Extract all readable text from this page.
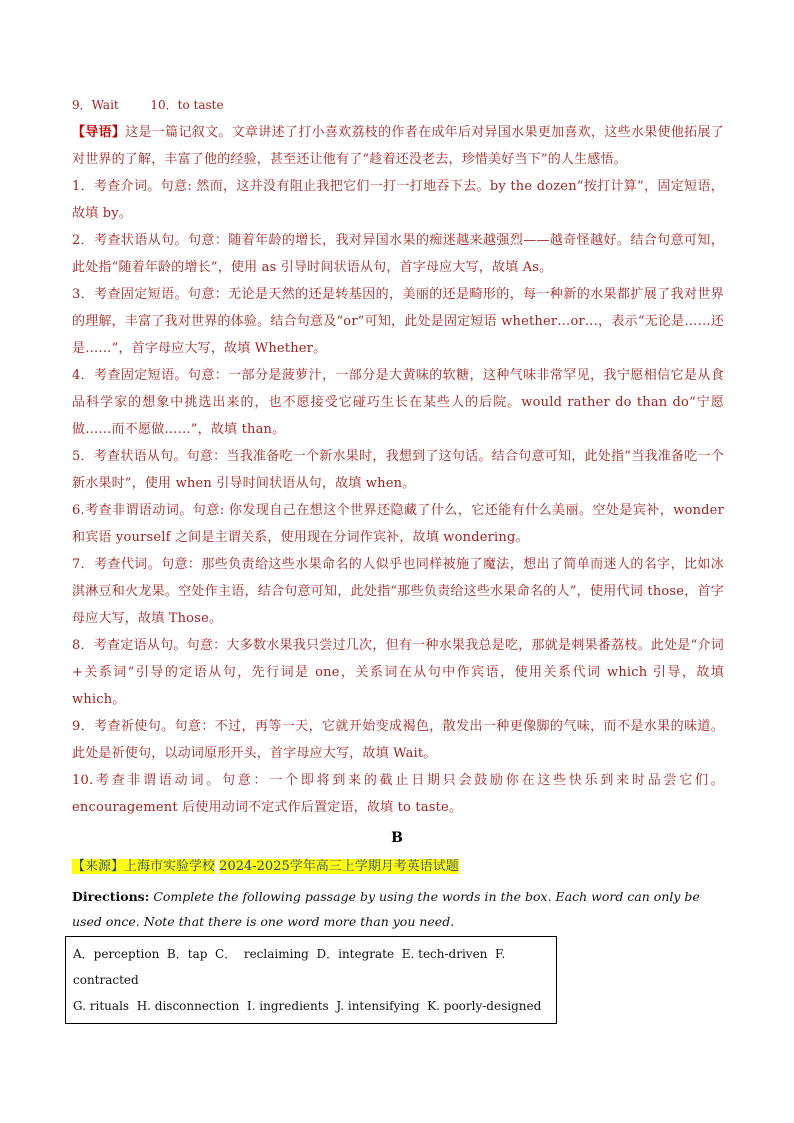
9．Wait	10．to taste

【导语】这是一篇记叙文。文章讲述了打小喜欢荔枝的作者在成年后对异国水果更加喜欢，这些水果使他拓展了对世界的了解，丰富了他的经验，甚至还让他有了“趁着还没老去，珍惜美好当下”的人生感悟。

1．考查介词。句意: 然而，这并没有阻止我把它们一打一打地吞下去。by the dozen“按打计算”，固定短语，故填 by。

2．考查状语从句。句意：随着年龄的增长，我对异国水果的痴迷越来越强烈——越奇怪越好。结合句意可知，此处指“随着年龄的增长”，使用 as 引导时间状语从句，首字母应大写，故填 As。

3．考查固定短语。句意：无论是天然的还是转基因的，美丽的还是畸形的，每一种新的水果都扩展了我对世界的理解，丰富了我对世界的体验。结合句意及“or”可知，此处是固定短语 whether…or…，表示“无论是……还是……”，首字母应大写，故填 Whether。

4．考查固定短语。句意：一部分是菠萝汁，一部分是大黄味的软糖，这种气味非常罕见，我宁愿相信它是从食品科学家的想象中挑选出来的，也不愿接受它碰巧生长在某些人的后院。would rather do than do“宁愿做……而不愿做……”，故填 than。

5．考查状语从句。句意：当我准备吃一个新水果时，我想到了这句话。结合句意可知，此处指“当我准备吃一个新水果时”，使用 when 引导时间状语从句，故填 when。

6.考查非谓语动词。句意: 你发现自己在想这个世界还隐藏了什么，它还能有什么美丽。空处是宾补，wonder 和宾语 yourself 之间是主谓关系，使用现在分词作宾补，故填 wondering。

7．考查代词。句意：那些负责给这些水果命名的人似乎也同样被施了魔法，想出了简单而迷人的名字，比如冰淇淋豆和火龙果。空处作主语，结合句意可知，此处指“那些负责给这些水果命名的人”，使用代词 those，首字母应大写，故填 Those。

8．考查定语从句。句意：大多数水果我只尝过几次，但有一种水果我总是吃，那就是刺果番荔枝。此处是“介词+关系词”引导的定语从句，先行词是 one，关系词在从句中作宾语，使用关系代词 which 引导，故填 which。

9．考查祈使句。句意：不过，再等一天，它就开始变成褐色，散发出一种更像脚的气味，而不是水果的味道。此处是祈使句，以动词原形开头，首字母应大写，故填 Wait。

10.考查非谓语动词。句意：一个即将到来的截止日期只会鼓励你在这些快乐到来时品尝它们。encouragement 后使用动词不定式作后置定语，故填 to taste。

B
【来源】上海市实验学校 2024-2025学年高三上学期月考英语试题
Directions: Complete the following passage by using the words in the box. Each word can only be used once. Note that there is one word more than you need.
A．perception  B．tap  C．  reclaiming  D．integrate  E. tech-driven  F.
contracted
G. rituals  H. disconnection  I. ingredients  J. intensifying  K. poorly-designed
